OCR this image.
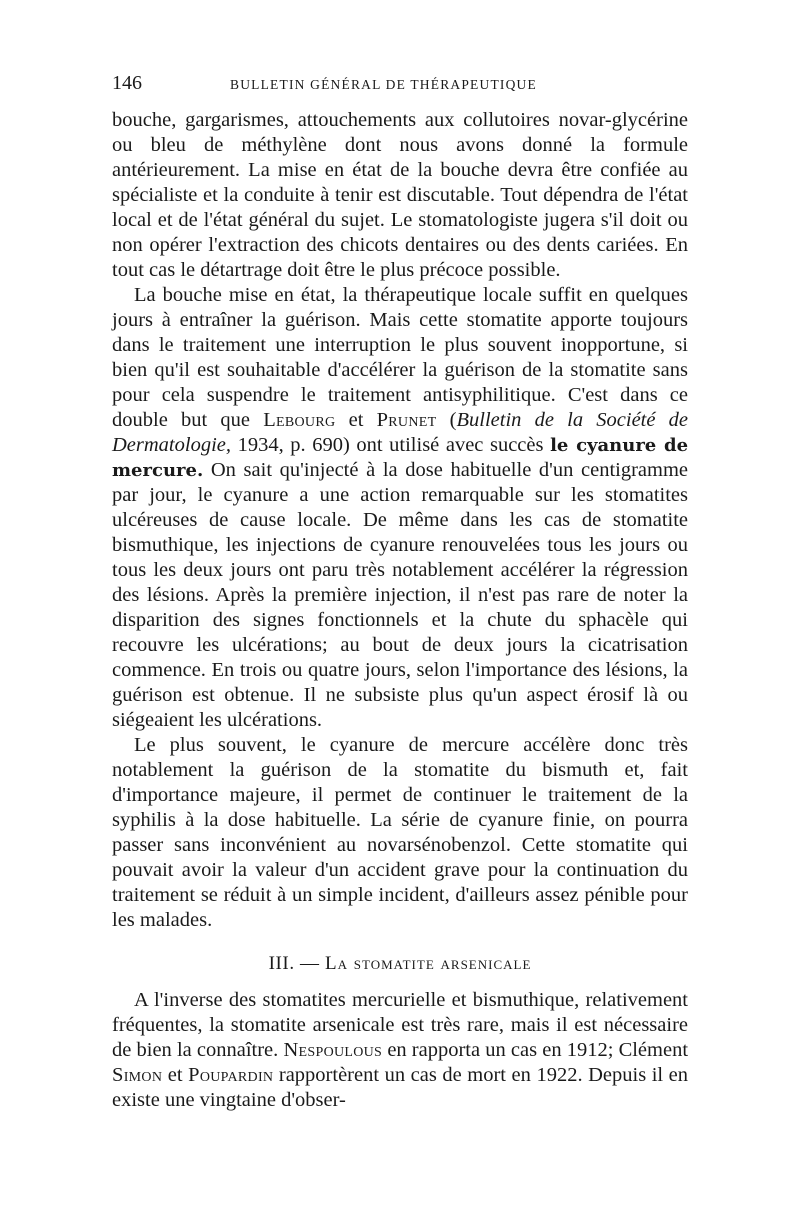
146	BULLETIN GÉNÉRAL DE THÉRAPEUTIQUE

bouche, gargarismes, attouchements aux collutoires novar-glycérine ou bleu de méthylène dont nous avons donné la formule antérieurement. La mise en état de la bouche devra être confiée au spécialiste et la conduite à tenir est discutable. Tout dépendra de l'état local et de l'état général du sujet. Le stomatologiste jugera s'il doit ou non opérer l'extraction des chicots dentaires ou des dents cariées. En tout cas le détartrage doit être le plus précoce possible.

La bouche mise en état, la thérapeutique locale suffit en quelques jours à entraîner la guérison. Mais cette stomatite apporte toujours dans le traitement une interruption le plus souvent inopportune, si bien qu'il est souhaitable d'accélérer la guérison de la stomatite sans pour cela suspendre le traitement antisyphilitique. C'est dans ce double but que Lebourg et Prunet (Bulletin de la Société de Dermatologie, 1934, p. 690) ont utilisé avec succès le cyanure de mercure. On sait qu'injecté à la dose habituelle d'un centigramme par jour, le cyanure a une action remarquable sur les stomatites ulcéreuses de cause locale. De même dans les cas de stomatite bismuthique, les injections de cyanure renouvelées tous les jours ou tous les deux jours ont paru très notablement accélérer la régression des lésions. Après la première injection, il n'est pas rare de noter la disparition des signes fonctionnels et la chute du sphacèle qui recouvre les ulcérations; au bout de deux jours la cicatrisation commence. En trois ou quatre jours, selon l'importance des lésions, la guérison est obtenue. Il ne subsiste plus qu'un aspect érosif là ou siégeaient les ulcérations.

Le plus souvent, le cyanure de mercure accélère donc très notablement la guérison de la stomatite du bismuth et, fait d'importance majeure, il permet de continuer le traitement de la syphilis à la dose habituelle. La série de cyanure finie, on pourra passer sans inconvénient au novarsénobenzol. Cette stomatite qui pouvait avoir la valeur d'un accident grave pour la continuation du traitement se réduit à un simple incident, d'ailleurs assez pénible pour les malades.

III. — La stomatite arsenicale

A l'inverse des stomatites mercurielle et bismuthique, relativement fréquentes, la stomatite arsenicale est très rare, mais il est nécessaire de bien la connaître. Nespoulous en rapporta un cas en 1912; Clément Simon et Poupardin rapportèrent un cas de mort en 1922. Depuis il en existe une vingtaine d'obser-
